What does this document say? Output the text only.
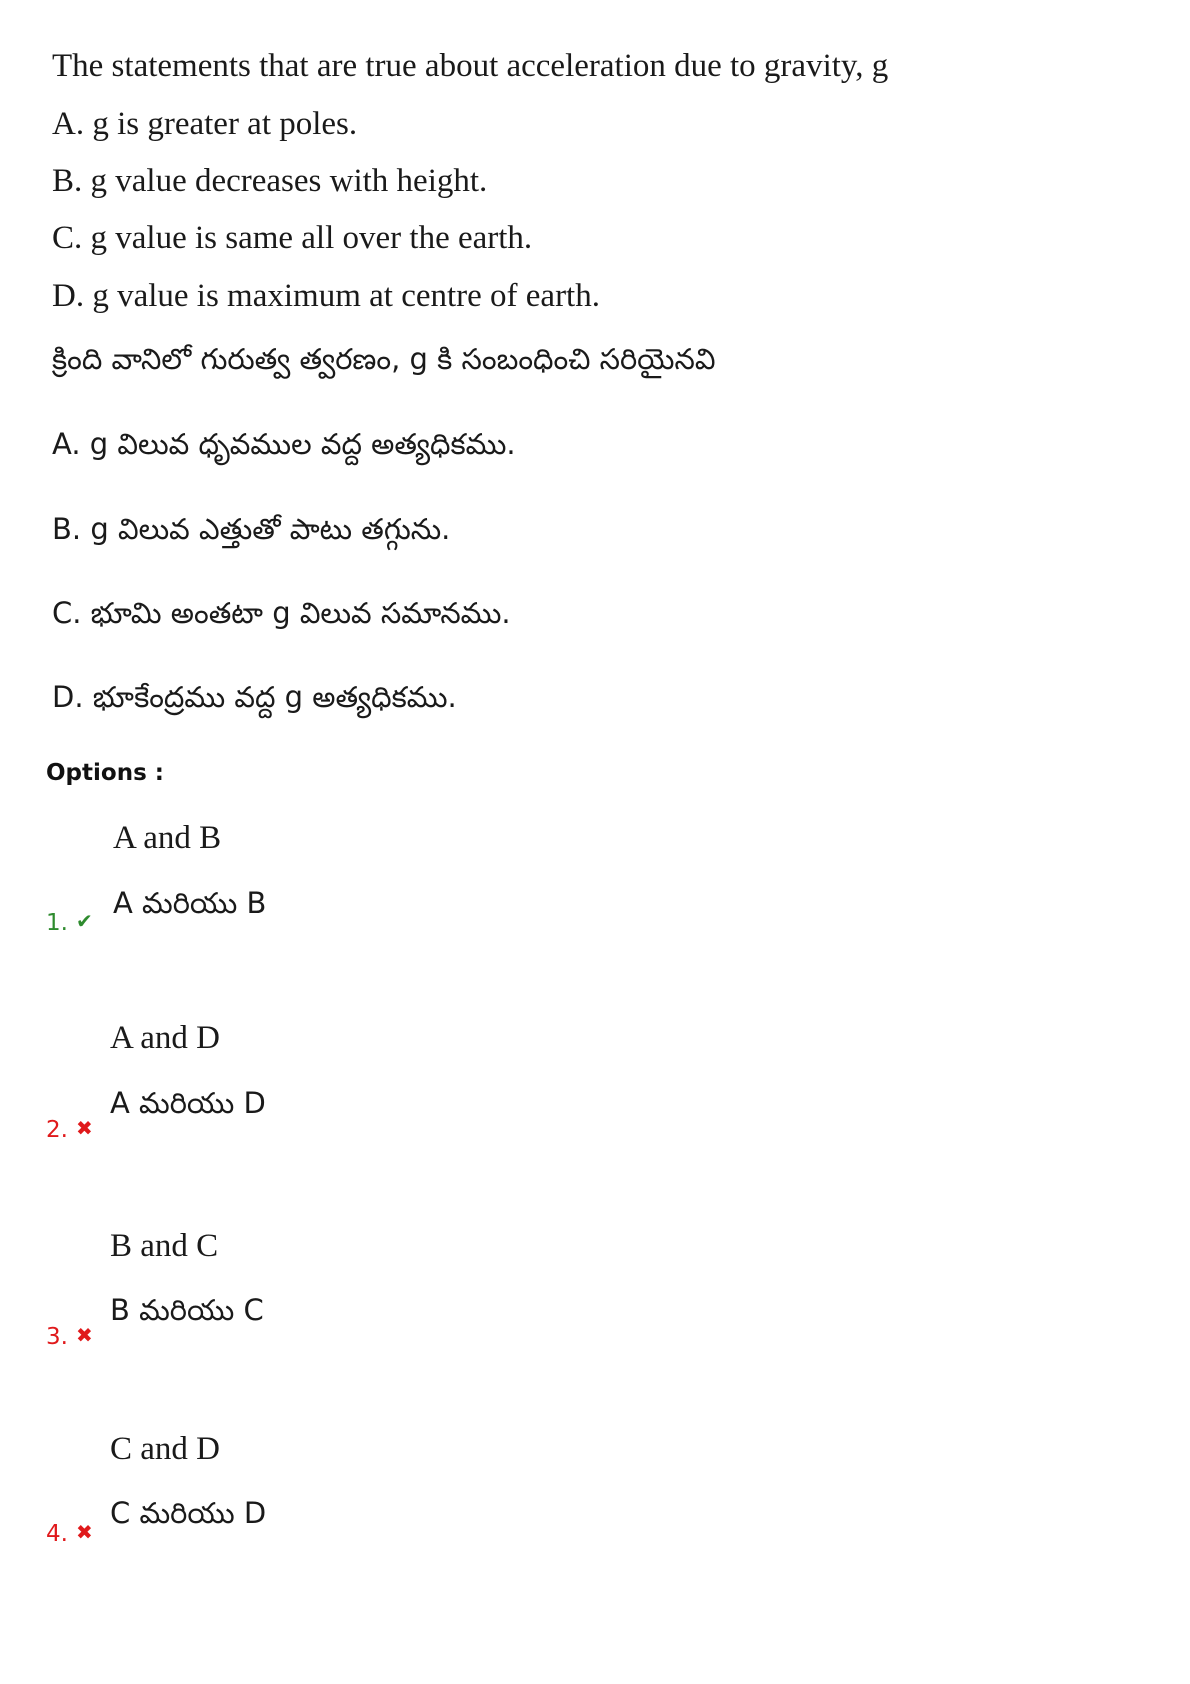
The statements that are true about acceleration due to gravity, g
A. g is greater at poles.
B. g value decreases with height.
C. g value is same all over the earth.
D. g value is maximum at centre of earth.
క్రింది వానిలో గురుత్వ త్వరణం, g కి సంబంధించి సరియైనవి
A. g విలువ ధృవముల వద్ద అత్యధికము.
B. g విలువ ఎత్తుతో పాటు తగ్గును.
C. భూమి అంతటా g విలువ సమానము.
D. భూకేంద్రము వద్ద g అత్యధికము.
Options :
A and B
A మరియు B
1. ✔
A and D
A మరియు D
2. ✖
B and C
B మరియు C
3. ✖
C and D
C మరియు D
4. ✖
